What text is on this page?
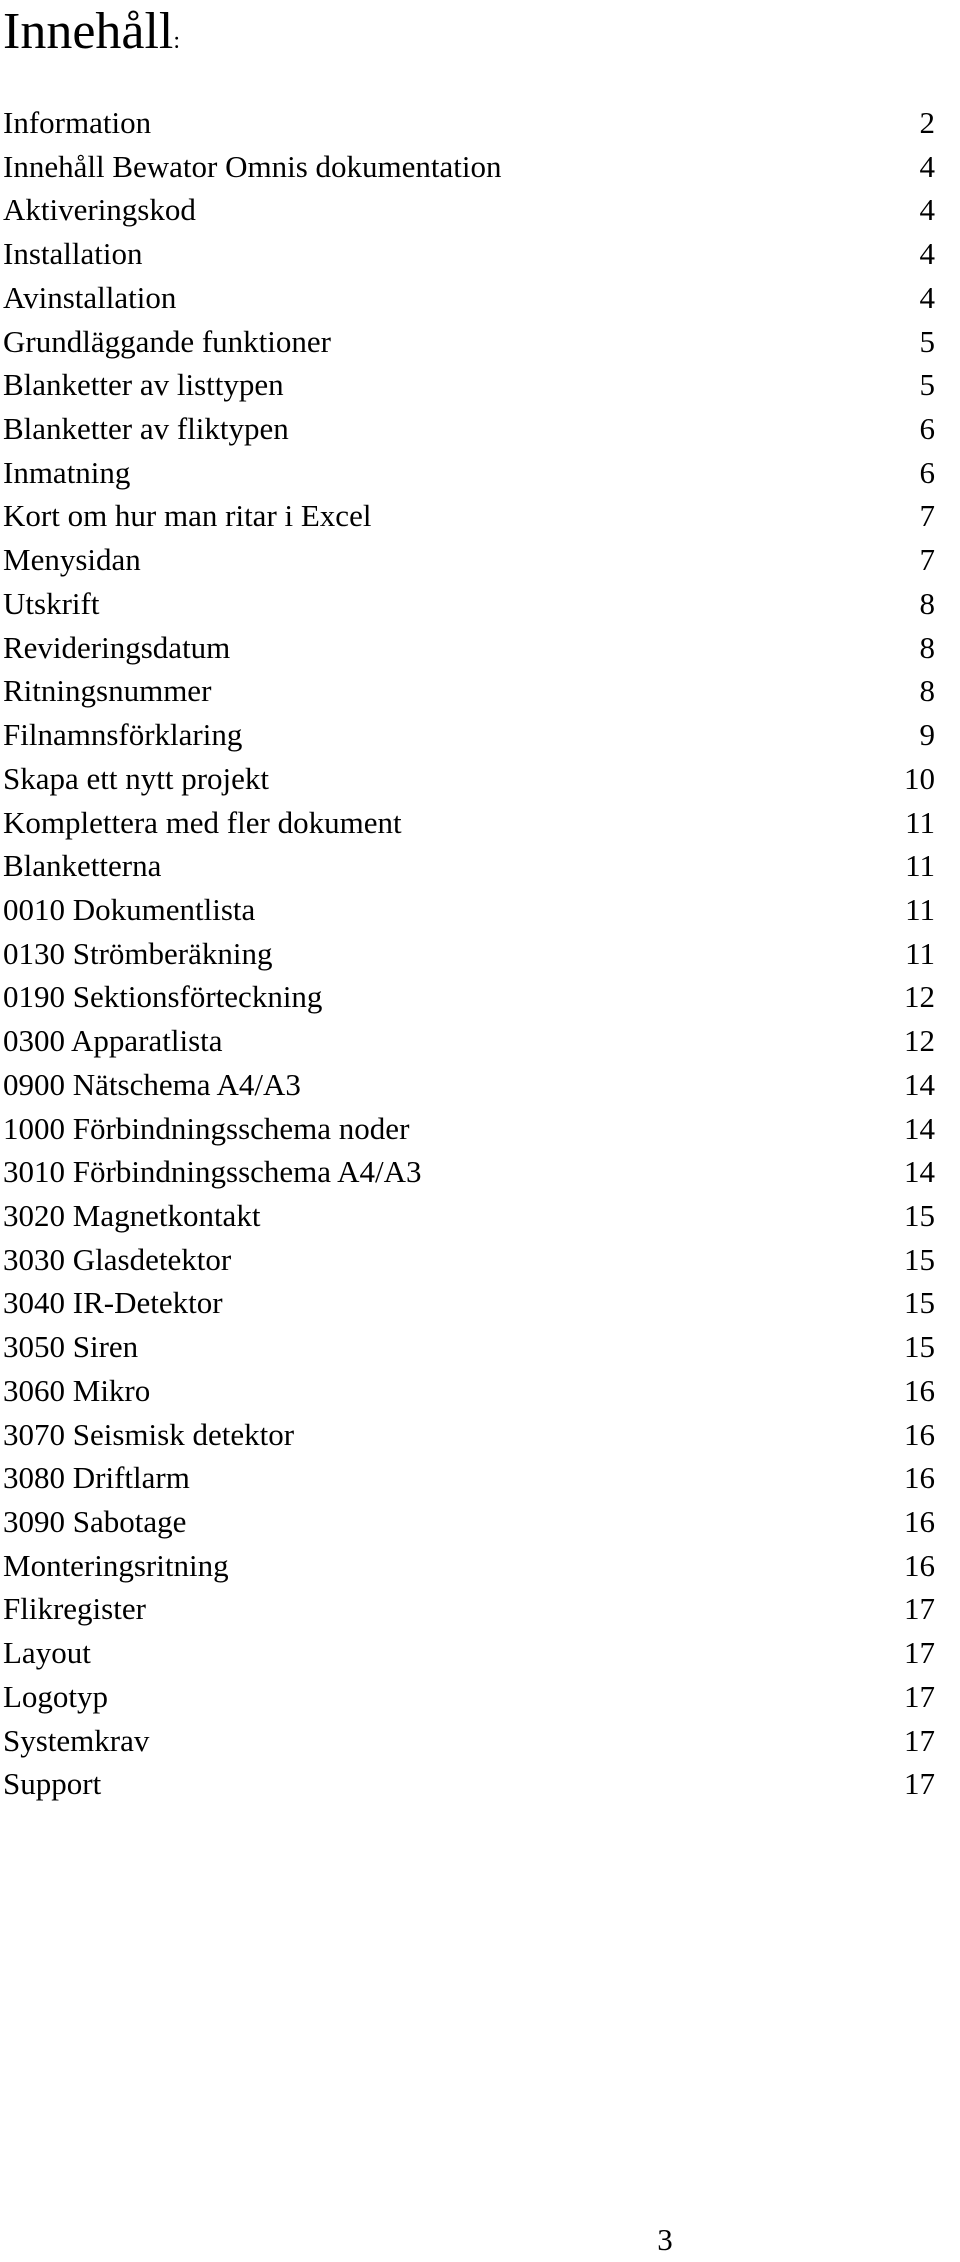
Innehåll:
Information	2
Innehåll Bewator Omnis dokumentation	4
Aktiveringskod	4
Installation	4
Avinstallation	4
Grundläggande funktioner	5
Blanketter av listtypen	5
Blanketter av fliktypen	6
Inmatning	6
Kort om hur man ritar i Excel	7
Menysidan	7
Utskrift	8
Revideringsdatum	8
Ritningsnummer	8
Filnamnsförklaring	9
Skapa ett nytt projekt	10
Komplettera med fler dokument	11
Blanketterna	11
0010 Dokumentlista	11
0130 Strömberäkning	11
0190 Sektionsförteckning	12
0300 Apparatlista	12
0900 Nätschema A4/A3	14
1000 Förbindningsschema noder	14
3010 Förbindningsschema A4/A3	14
3020 Magnetkontakt	15
3030 Glasdetektor	15
3040 IR-Detektor	15
3050 Siren	15
3060 Mikro	16
3070 Seismisk detektor	16
3080 Driftlarm	16
3090 Sabotage	16
Monteringsritning	16
Flikregister	17
Layout	17
Logotyp	17
Systemkrav	17
Support	17
3
